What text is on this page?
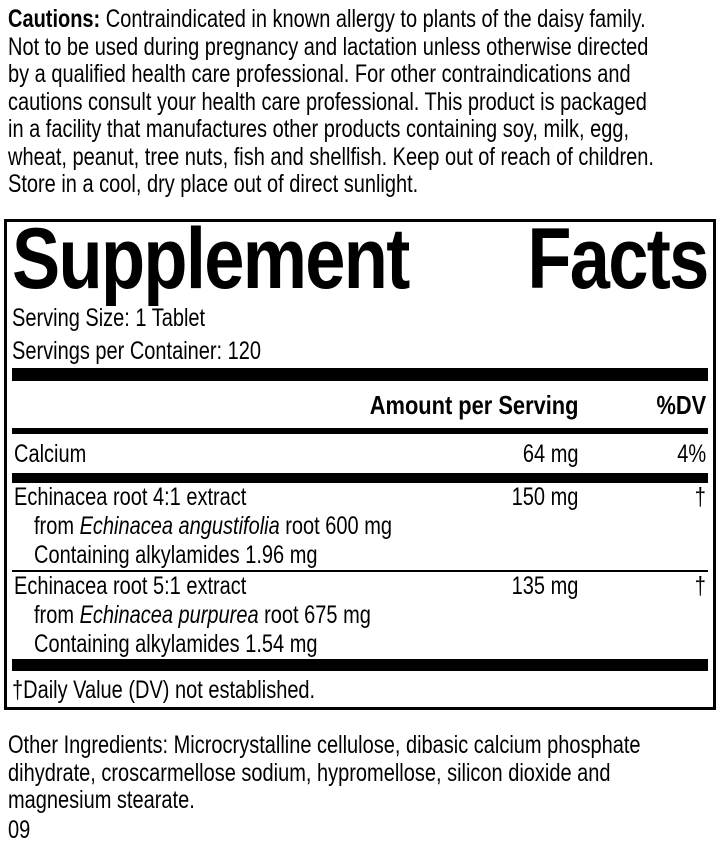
Cautions: Contraindicated in known allergy to plants of the daisy family.
Not to be used during pregnancy and lactation unless otherwise directed
by a qualified health care professional. For other contraindications and
cautions consult your health care professional. This product is packaged
in a facility that manufactures other products containing soy, milk, egg,
wheat, peanut, tree nuts, fish and shellfish. Keep out of reach of children.
Store in a cool, dry place out of direct sunlight.
Supplement Facts
Serving Size: 1 Tablet
Servings per Container: 120
Amount per Serving	%DV
Calcium	64 mg	4%
Echinacea root 4:1 extract	150 mg	†
from Echinacea angustifolia root 600 mg
Containing alkylamides 1.96 mg
Echinacea root 5:1 extract	135 mg	†
from Echinacea purpurea root 675 mg
Containing alkylamides 1.54 mg
†Daily Value (DV) not established.
Other Ingredients: Microcrystalline cellulose, dibasic calcium phosphate
dihydrate, croscarmellose sodium, hypromellose, silicon dioxide and
magnesium stearate.
09
